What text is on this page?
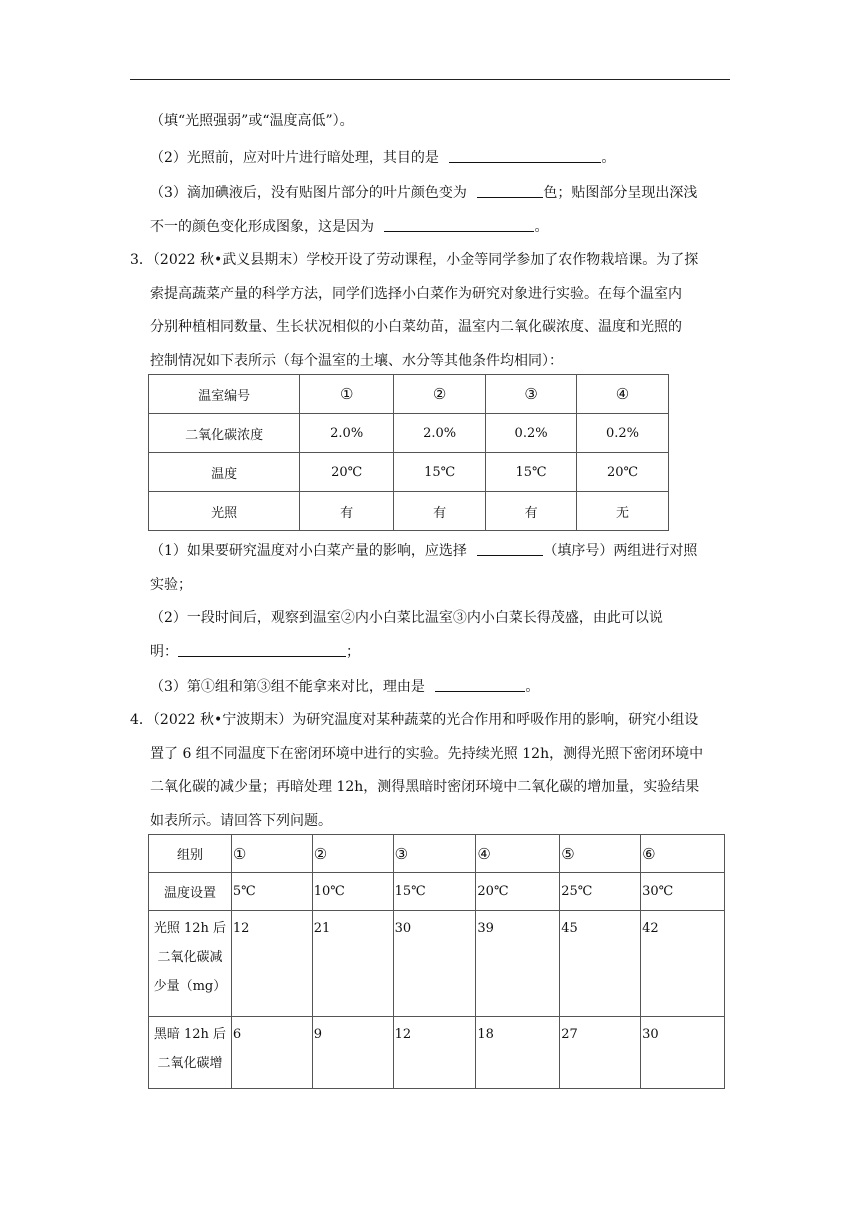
（填“光照强弱”或“温度高低”）。
（2）光照前，应对叶片进行暗处理，其目的是	。
（3）滴加碘液后，没有贴图片部分的叶片颜色变为	色；贴图部分呈现出深浅
不一的颜色变化形成图象，这是因为	。
3．（2022 秋•武义县期末）学校开设了劳动课程，小金等同学参加了农作物栽培课。为了探
索提高蔬菜产量的科学方法，同学们选择小白菜作为研究对象进行实验。在每个温室内
分别种植相同数量、生长状况相似的小白菜幼苗，温室内二氧化碳浓度、温度和光照的
控制情况如下表所示（每个温室的土壤、水分等其他条件均相同）：
温室编号	①	②	③	④
二氧化碳浓度	2.0%	2.0%	0.2%	0.2%
温度	20℃	15℃	15℃	20℃
光照	有	有	有	无
（1）如果要研究温度对小白菜产量的影响，应选择	（填序号）两组进行对照
实验；
（2）一段时间后，观察到温室②内小白菜比温室③内小白菜长得茂盛，由此可以说
明：	；
（3）第①组和第③组不能拿来对比，理由是	。
4．（2022 秋•宁波期末）为研究温度对某种蔬菜的光合作用和呼吸作用的影响，研究小组设
置了 6 组不同温度下在密闭环境中进行的实验。先持续光照 12h，测得光照下密闭环境中
二氧化碳的减少量；再暗处理 12h，测得黑暗时密闭环境中二氧化碳的增加量，实验结果
如表所示。请回答下列问题。
组别	①	②	③	④	⑤	⑥
温度设置	5℃	10℃	15℃	20℃	25℃	30℃

光照 12h 后
二氧化碳减
少量（mg）	12	21	30	39	45	42

黑暗 12h 后
二氧化碳增	6	9	12	18	27	30
